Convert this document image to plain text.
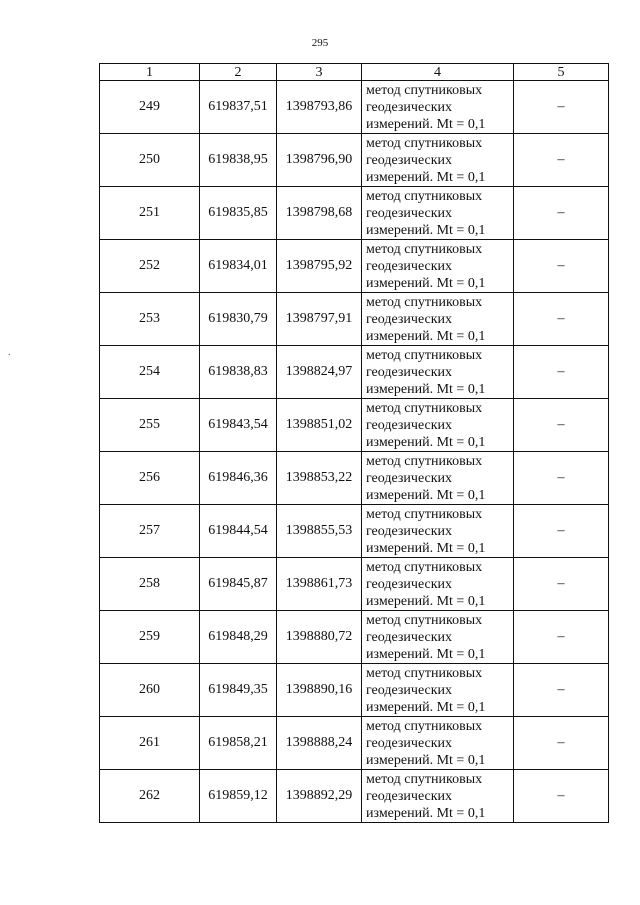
295
.
1	2	3	4	5
249	619837,51	1398793,86	метод спутниковых
геодезических
измерений. Mt = 0,1	–
250	619838,95	1398796,90	метод спутниковых
геодезических
измерений. Mt = 0,1	–
251	619835,85	1398798,68	метод спутниковых
геодезических
измерений. Mt = 0,1	–
252	619834,01	1398795,92	метод спутниковых
геодезических
измерений. Mt = 0,1	–
253	619830,79	1398797,91	метод спутниковых
геодезических
измерений. Mt = 0,1	–
254	619838,83	1398824,97	метод спутниковых
геодезических
измерений. Mt = 0,1	–
255	619843,54	1398851,02	метод спутниковых
геодезических
измерений. Mt = 0,1	–
256	619846,36	1398853,22	метод спутниковых
геодезических
измерений. Mt = 0,1	–
257	619844,54	1398855,53	метод спутниковых
геодезических
измерений. Mt = 0,1	–
258	619845,87	1398861,73	метод спутниковых
геодезических
измерений. Mt = 0,1	–
259	619848,29	1398880,72	метод спутниковых
геодезических
измерений. Mt = 0,1	–
260	619849,35	1398890,16	метод спутниковых
геодезических
измерений. Mt = 0,1	–
261	619858,21	1398888,24	метод спутниковых
геодезических
измерений. Mt = 0,1	–
262	619859,12	1398892,29	метод спутниковых
геодезических
измерений. Mt = 0,1	–
